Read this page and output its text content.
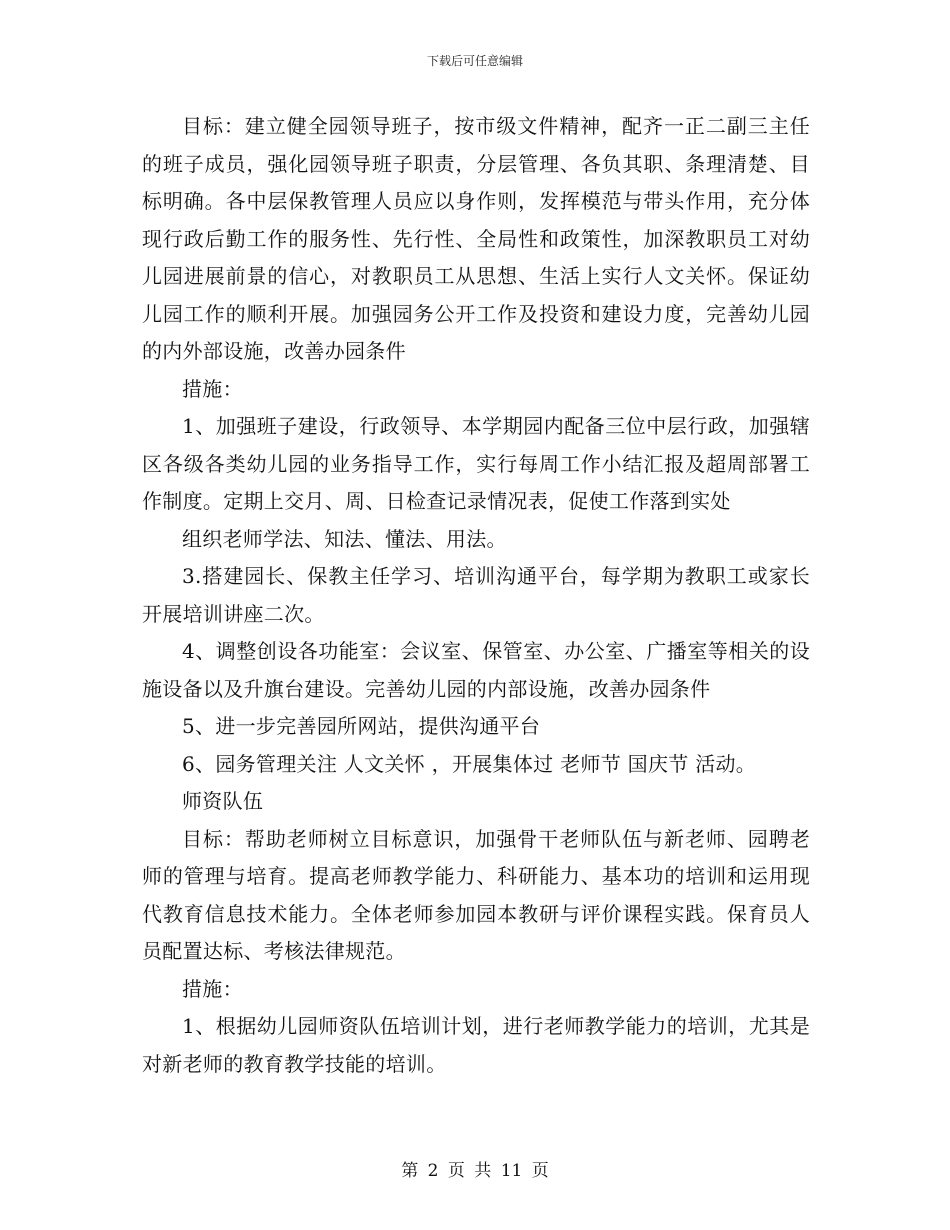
下载后可任意编辑

目标：建立健全园领导班子，按市级文件精神，配齐一正二副三主任的班子成员，强化园领导班子职责，分层管理、各负其职、条理清楚、目标明确。各中层保教管理人员应以身作则，发挥模范与带头作用，充分体现行政后勤工作的服务性、先行性、全局性和政策性，加深教职员工对幼儿园进展前景的信心，对教职员工从思想、生活上实行人文关怀。保证幼儿园工作的顺利开展。加强园务公开工作及投资和建设力度，完善幼儿园的内外部设施，改善办园条件

措施：

1、加强班子建设，行政领导、本学期园内配备三位中层行政，加强辖区各级各类幼儿园的业务指导工作，实行每周工作小结汇报及超周部署工作制度。定期上交月、周、日检查记录情况表，促使工作落到实处

组织老师学法、知法、懂法、用法。

3.搭建园长、保教主任学习、培训沟通平台，每学期为教职工或家长开展培训讲座二次。

4、调整创设各功能室：会议室、保管室、办公室、广播室等相关的设施设备以及升旗台建设。完善幼儿园的内部设施，改善办园条件

5、进一步完善园所网站，提供沟通平台

6、园务管理关注 人文关怀 ，开展集体过 老师节 国庆节 活动。

师资队伍

目标：帮助老师树立目标意识，加强骨干老师队伍与新老师、园聘老师的管理与培育。提高老师教学能力、科研能力、基本功的培训和运用现代教育信息技术能力。全体老师参加园本教研与评价课程实践。保育员人员配置达标、考核法律规范。

措施：

1、根据幼儿园师资队伍培训计划，进行老师教学能力的培训，尤其是对新老师的教育教学技能的培训。

第 2 页 共 11 页
